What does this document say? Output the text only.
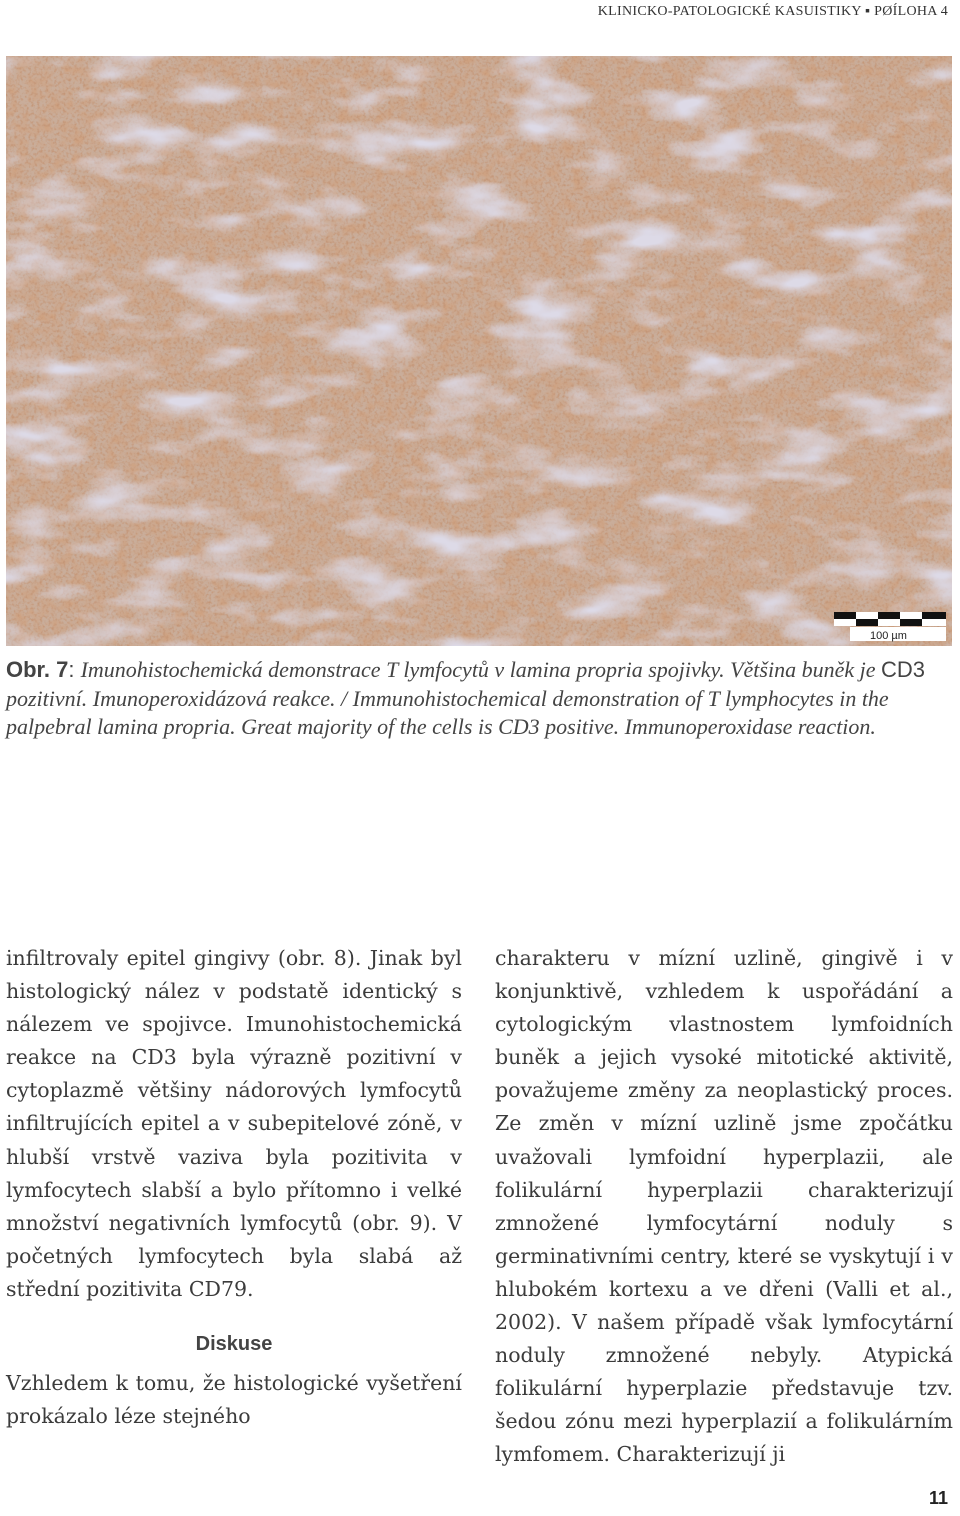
KLINICKO-PATOLOGICKÉ KASUISTIKY ▪ PØÍLOHA 4
100 µm
Obr. 7: Imunohistochemická demonstrace T lymfocytů v lamina propria spojivky. Většina buněk je CD3 pozitivní. Imunoperoxidázová reakce. / Immunohistochemical demonstration of T lymphocytes in the palpebral lamina propria. Great majority of the cells is CD3 positive. Immunoperoxidase reaction.

infiltrovaly epitel gingivy (obr. 8). Jinak byl histologický nález v podstatě identický s nálezem ve spojivce. Imunohistochemická reakce na CD3 byla výrazně pozitivní v cytoplazmě většiny nádorových lymfocytů infiltrujících epitel a v subepitelové zóně, v hlubší vrstvě vaziva byla pozitivita v lymfocytech slabší a bylo přítomno i velké množství negativních lymfocytů (obr. 9). V početných lymfocytech byla slabá až střední pozitivita CD79.

Diskuse

Vzhledem k tomu, že histologické vyšetření prokázalo léze stejného

charakteru v mízní uzlině, gingivě i v konjunktivě, vzhledem k uspořádání a cytologickým vlastnostem lymfoidních buněk a jejich vysoké mitotické aktivitě, považujeme změny za neoplastický proces. Ze změn v mízní uzlině jsme zpočátku uvažovali lymfoidní hyperplazii, ale folikulární hyperplazii charakterizují zmnožené lymfocytární noduly s germinativními centry, které se vyskytují i v hlubokém kortexu a ve dřeni (Valli et al., 2002). V našem případě však lymfocytární noduly zmnožené nebyly. Atypická folikulární hyperplazie představuje tzv. šedou zónu mezi hyperplazií a folikulárním lymfomem. Charakterizují ji

11
